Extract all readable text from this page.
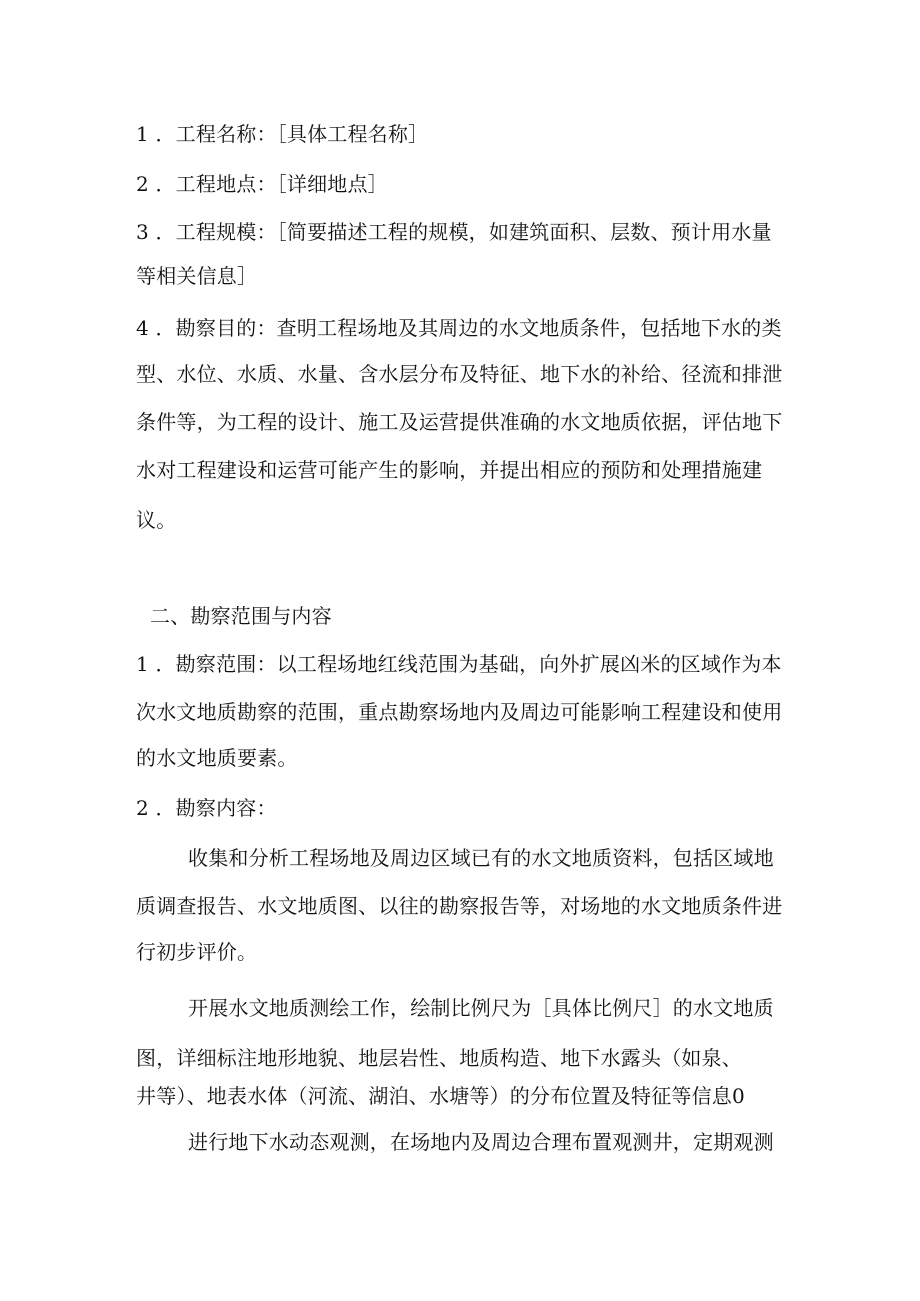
1 ．工程名称：［具体工程名称］
2 ．工程地点：［详细地点］
3 ．工程规模：［简要描述工程的规模，如建筑面积、层数、预计用水量
等相关信息］
4 ．勘察目的：查明工程场地及其周边的水文地质条件，包括地下水的类
型、水位、水质、水量、含水层分布及特征、地下水的补给、径流和排泄
条件等，为工程的设计、施工及运营提供准确的水文地质依据，评估地下
水对工程建设和运营可能产生的影响，并提出相应的预防和处理措施建
议。
二、勘察范围与内容
1 ．勘察范围：以工程场地红线范围为基础，向外扩展凶米的区域作为本
次水文地质勘察的范围，重点勘察场地内及周边可能影响工程建设和使用
的水文地质要素。
2 ．勘察内容：
收集和分析工程场地及周边区域已有的水文地质资料，包括区域地
质调查报告、水文地质图、以往的勘察报告等，对场地的水文地质条件进
行初步评价。
开展水文地质测绘工作，绘制比例尺为［具体比例尺］的水文地质
图，详细标注地形地貌、地层岩性、地质构造、地下水露头（如泉、
井等）、地表水体（河流、湖泊、水塘等）的分布位置及特征等信息0
进行地下水动态观测，在场地内及周边合理布置观测井，定期观测
